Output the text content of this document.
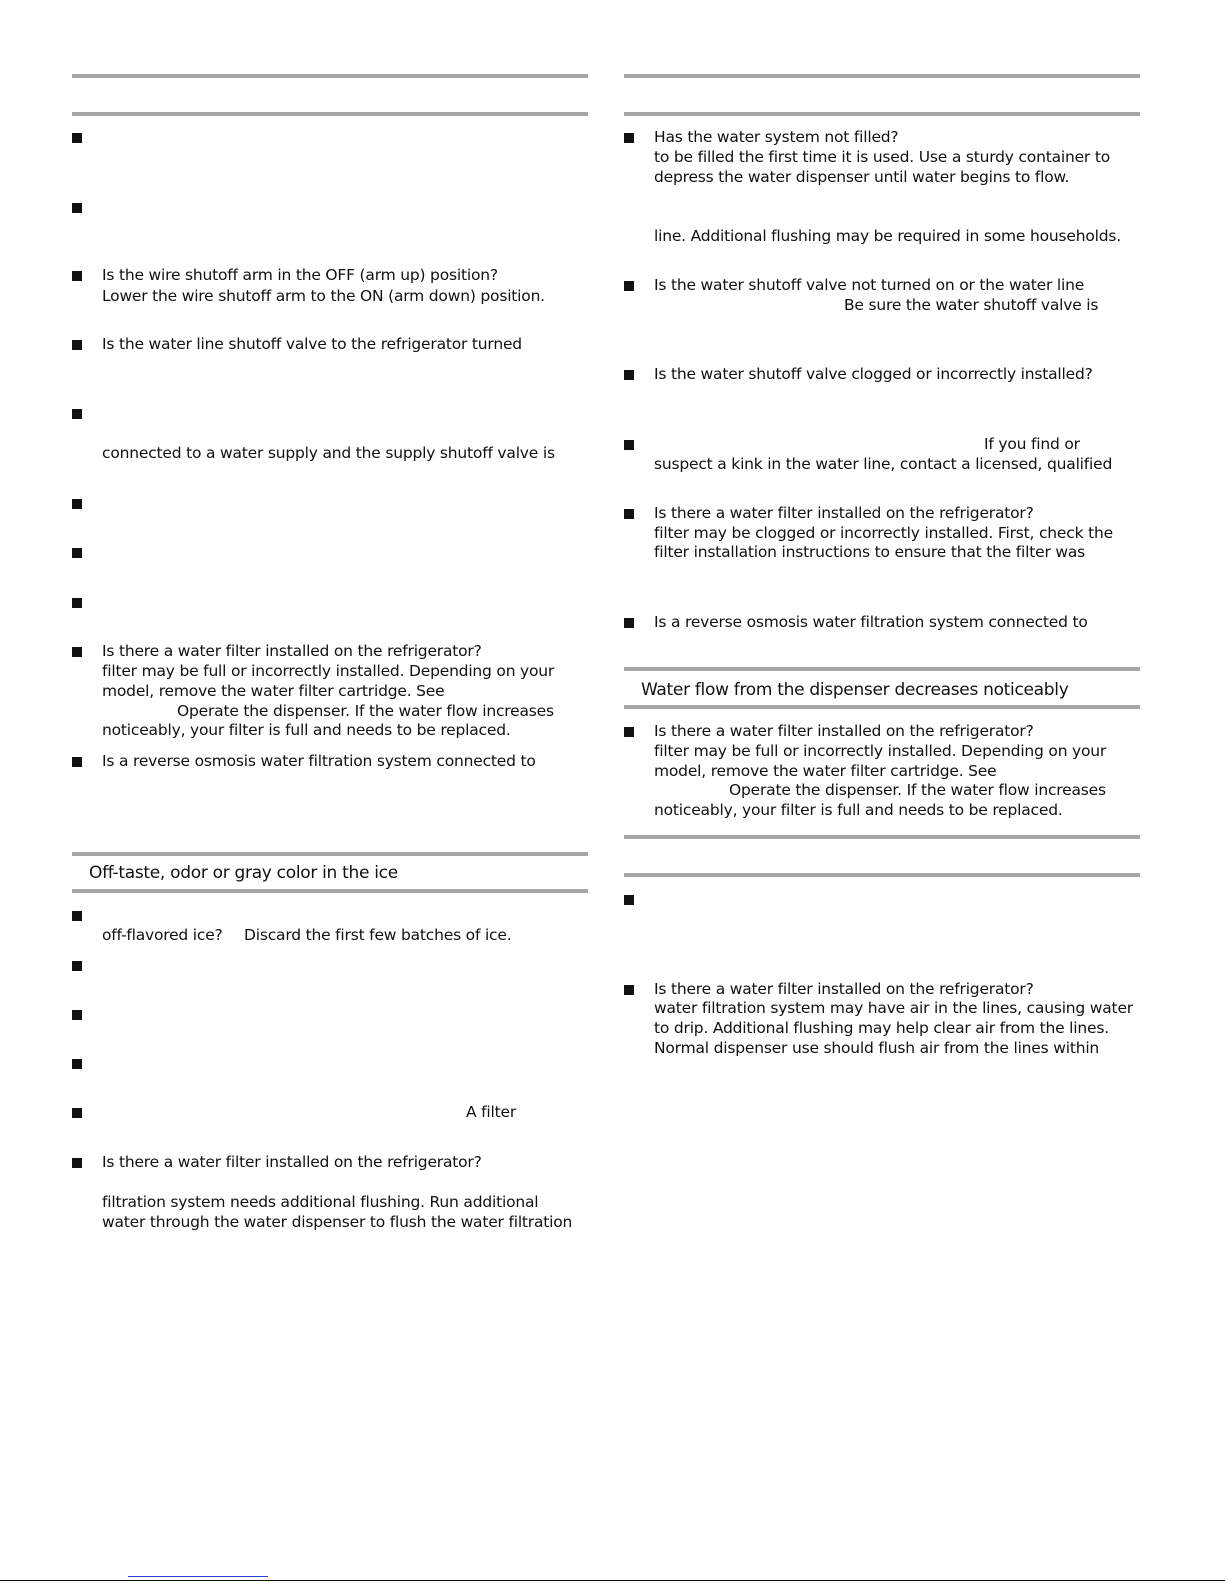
Is the wire shutoff arm in the OFF (arm up) position?
Lower the wire shutoff arm to the ON (arm down) position.
Is the water line shutoff valve to the refrigerator turned
connected to a water supply and the supply shutoff valve is
Is there a water filter installed on the refrigerator?
filter may be full or incorrectly installed. Depending on your
model, remove the water filter cartridge. See
Operate the dispenser. If the water flow increases
noticeably, your filter is full and needs to be replaced.
Is a reverse osmosis water filtration system connected to
Off-taste, odor or gray color in the ice
off-flavored ice? Discard the first few batches of ice.
A filter
Is there a water filter installed on the refrigerator?
filtration system needs additional flushing. Run additional
water through the water dispenser to flush the water filtration
Has the water system not filled?
to be filled the first time it is used. Use a sturdy container to
depress the water dispenser until water begins to flow.
line. Additional flushing may be required in some households.
Is the water shutoff valve not turned on or the water line
Be sure the water shutoff valve is
Is the water shutoff valve clogged or incorrectly installed?
If you find or
suspect a kink in the water line, contact a licensed, qualified
Is there a water filter installed on the refrigerator?
filter may be clogged or incorrectly installed. First, check the
filter installation instructions to ensure that the filter was
Is a reverse osmosis water filtration system connected to
Water flow from the dispenser decreases noticeably
Is there a water filter installed on the refrigerator?
filter may be full or incorrectly installed. Depending on your
model, remove the water filter cartridge. See
Operate the dispenser. If the water flow increases
noticeably, your filter is full and needs to be replaced.
Is there a water filter installed on the refrigerator?
water filtration system may have air in the lines, causing water
to drip. Additional flushing may help clear air from the lines.
Normal dispenser use should flush air from the lines within
